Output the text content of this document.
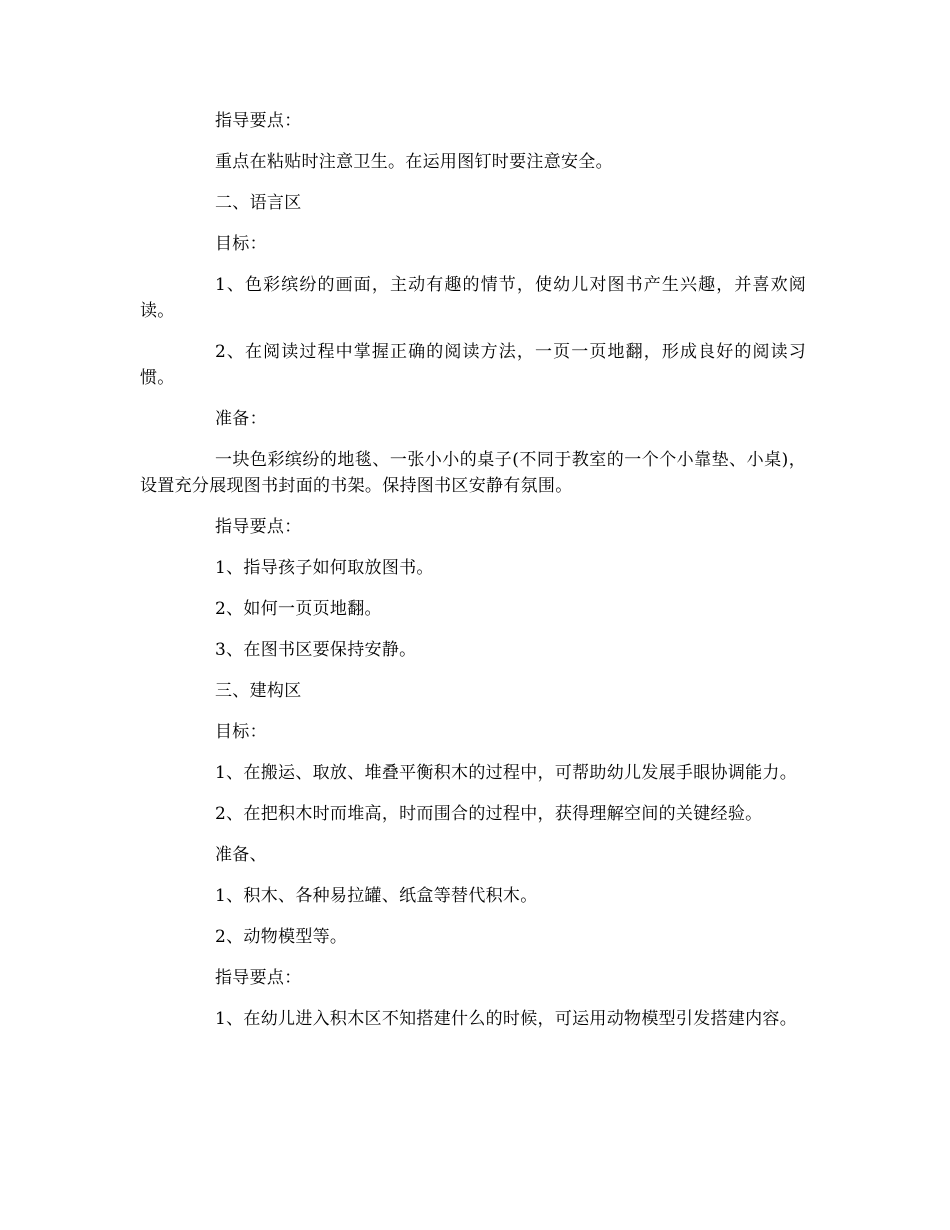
指导要点：

重点在粘贴时注意卫生。在运用图钉时要注意安全。

二、语言区

目标：

1、色彩缤纷的画面，主动有趣的情节，使幼儿对图书产生兴趣，并喜欢阅读。

2、在阅读过程中掌握正确的阅读方法，一页一页地翻，形成良好的阅读习惯。

准备：

一块色彩缤纷的地毯、一张小小的桌子(不同于教室的一个个小靠垫、小桌)，设置充分展现图书封面的书架。保持图书区安静有氛围。

指导要点：

1、指导孩子如何取放图书。

2、如何一页页地翻。

3、在图书区要保持安静。

三、建构区

目标：

1、在搬运、取放、堆叠平衡积木的过程中，可帮助幼儿发展手眼协调能力。

2、在把积木时而堆高，时而围合的过程中，获得理解空间的关键经验。

准备、

1、积木、各种易拉罐、纸盒等替代积木。

2、动物模型等。

指导要点：

1、在幼儿进入积木区不知搭建什么的时候，可运用动物模型引发搭建内容。
